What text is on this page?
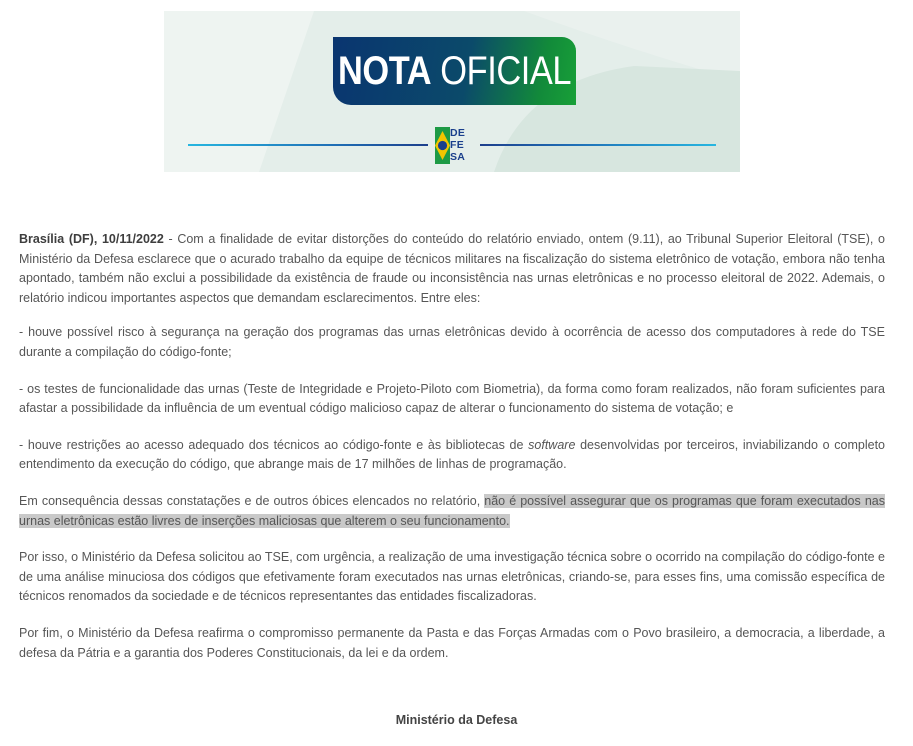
NOTA OFICIAL
DE
FE
SA

Brasília (DF), 10/11/2022 - Com a finalidade de evitar distorções do conteúdo do relatório enviado, ontem (9.11), ao Tribunal Superior Eleitoral (TSE), o Ministério da Defesa esclarece que o acurado trabalho da equipe de técnicos militares na fiscalização do sistema eletrônico de votação, embora não tenha apontado, também não exclui a possibilidade da existência de fraude ou inconsistência nas urnas eletrônicas e no processo eleitoral de 2022. Ademais, o relatório indicou importantes aspectos que demandam esclarecimentos. Entre eles:

- houve possível risco à segurança na geração dos programas das urnas eletrônicas devido à ocorrência de acesso dos computadores à rede do TSE durante a compilação do código-fonte;

- os testes de funcionalidade das urnas (Teste de Integridade e Projeto-Piloto com Biometria), da forma como foram realizados, não foram suficientes para afastar a possibilidade da influência de um eventual código malicioso capaz de alterar o funcionamento do sistema de votação; e

- houve restrições ao acesso adequado dos técnicos ao código-fonte e às bibliotecas de software desenvolvidas por terceiros, inviabilizando o completo entendimento da execução do código, que abrange mais de 17 milhões de linhas de programação.

Em consequência dessas constatações e de outros óbices elencados no relatório, não é possível assegurar que os programas que foram executados nas urnas eletrônicas estão livres de inserções maliciosas que alterem o seu funcionamento.

Por isso, o Ministério da Defesa solicitou ao TSE, com urgência, a realização de uma investigação técnica sobre o ocorrido na compilação do código-fonte e de uma análise minuciosa dos códigos que efetivamente foram executados nas urnas eletrônicas, criando-se, para esses fins, uma comissão específica de técnicos renomados da sociedade e de técnicos representantes das entidades fiscalizadoras.

Por fim, o Ministério da Defesa reafirma o compromisso permanente da Pasta e das Forças Armadas com o Povo brasileiro, a democracia, a liberdade, a defesa da Pátria e a garantia dos Poderes Constitucionais, da lei e da ordem.

Ministério da Defesa
